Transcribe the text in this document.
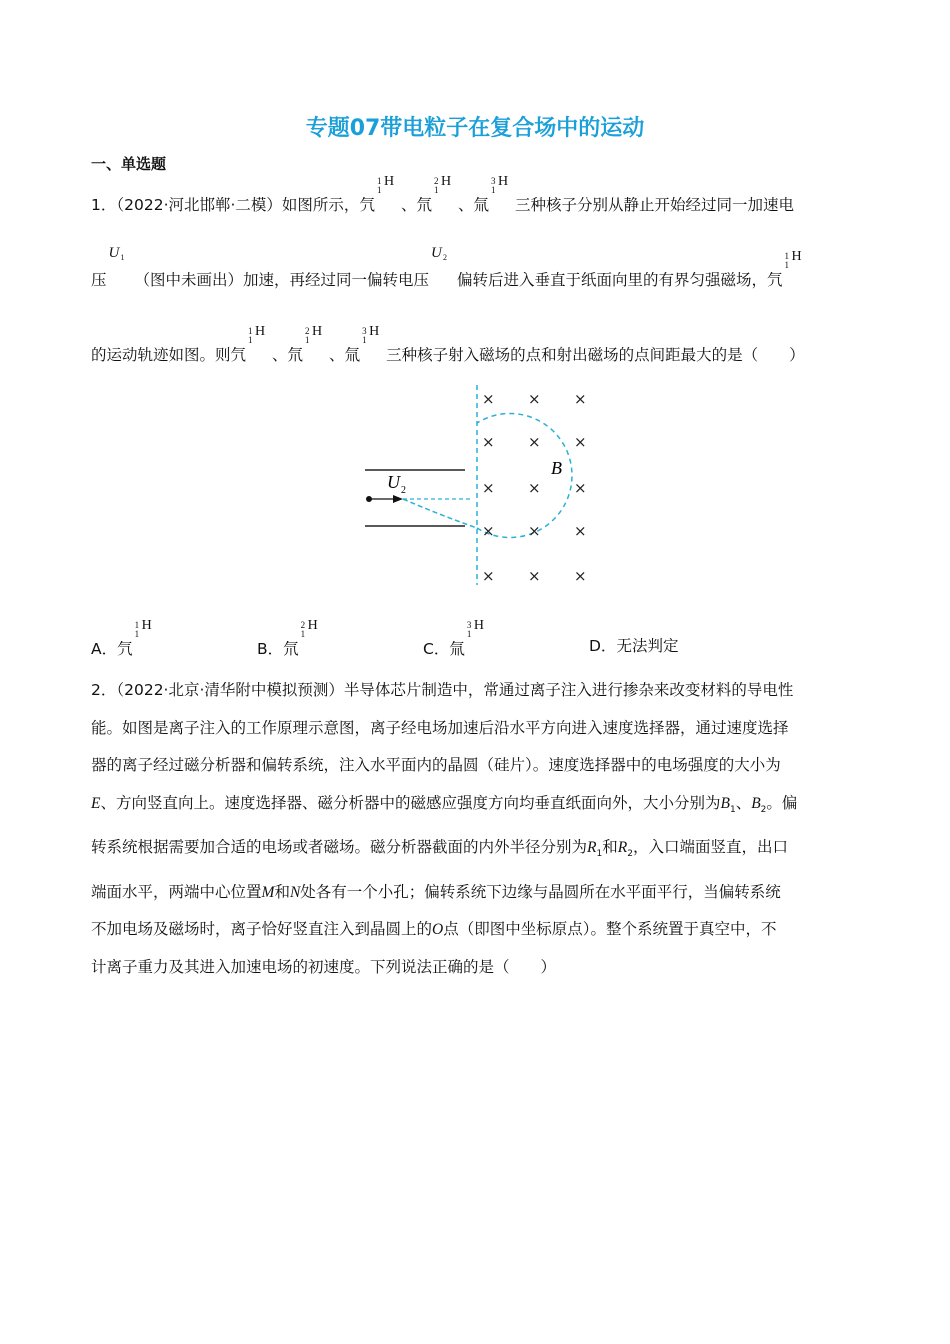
专题07带电粒子在复合场中的运动
一、单选题
1．（2022·河北邯郸·二模）如图所示，氕
1
1
H
、氘
2
1
H
、氚
3
1
H
三种核子分别从静止开始经过同一加速电
压
U 1
（图中未画出）加速，再经过同一偏转电压
U 2
偏转后进入垂直于纸面向里的有界匀强磁场，氕
1
1
H
的运动轨迹如图。则氕
1
1
H
、氘
2
1
H
、氚
3
1
H
三种核子射入磁场的点和射出磁场的点间距最大的是（　　）
U 2
B
× × ×
× × ×
× × ×
× × ×
× × ×
A．氕
1
1
H
B．氘
2
1
H
C．氚
3
1
H
D．无法判定
2．（2022·北京·清华附中模拟预测）半导体芯片制造中，常通过离子注入进行掺杂来改变材料的导电性
能。如图是离子注入的工作原理示意图，离子经电场加速后沿水平方向进入速度选择器，通过速度选择
器的离子经过磁分析器和偏转系统，注入水平面内的晶圆（硅片）。速度选择器中的电场强度的大小为
E、方向竖直向上。速度选择器、磁分析器中的磁感应强度方向均垂直纸面向外，大小分别为$B_1$、$B_2$。偏
转系统根据需要加合适的电场或者磁场。磁分析器截面的内外半径分别为$R_1$和$R_2$，入口端面竖直，出口
端面水平，两端中心位置M和N处各有一个小孔；偏转系统下边缘与晶圆所在水平面平行，当偏转系统
不加电场及磁场时，离子恰好竖直注入到晶圆上的O点（即图中坐标原点）。整个系统置于真空中，不
计离子重力及其进入加速电场的初速度。下列说法正确的是（　　）
